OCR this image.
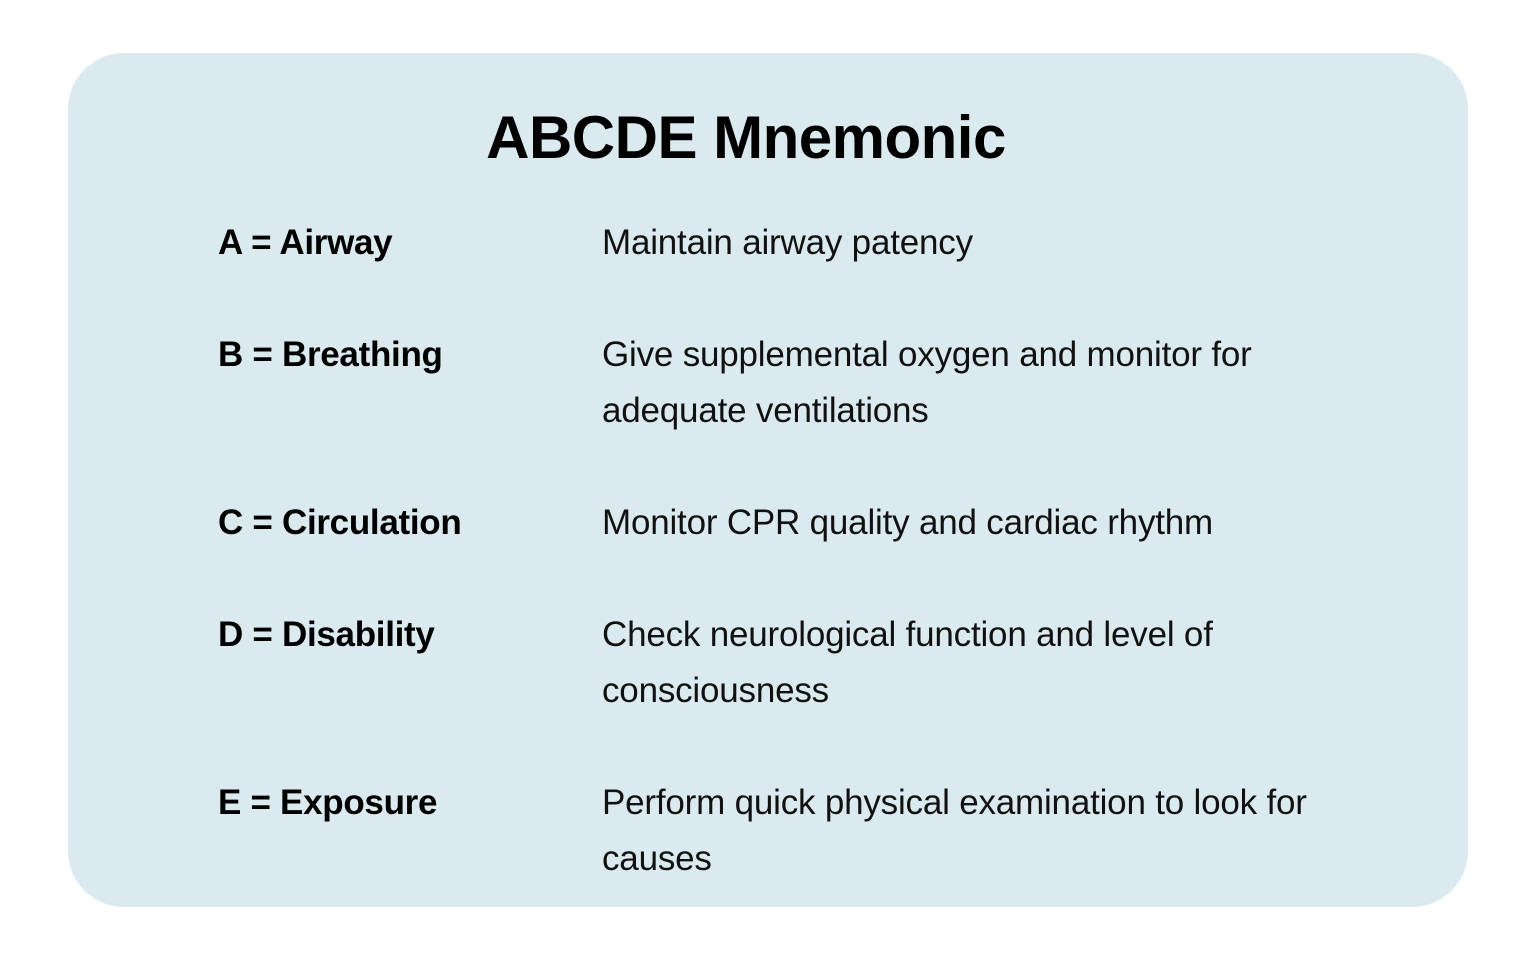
ABCDE Mnemonic
A = Airway	Maintain airway patency
B = Breathing	Give supplemental oxygen and monitor for adequate ventilations
C = Circulation	Monitor CPR quality and cardiac rhythm
D = Disability	Check neurological function and level of consciousness
E = Exposure	Perform quick physical examination to look for causes
